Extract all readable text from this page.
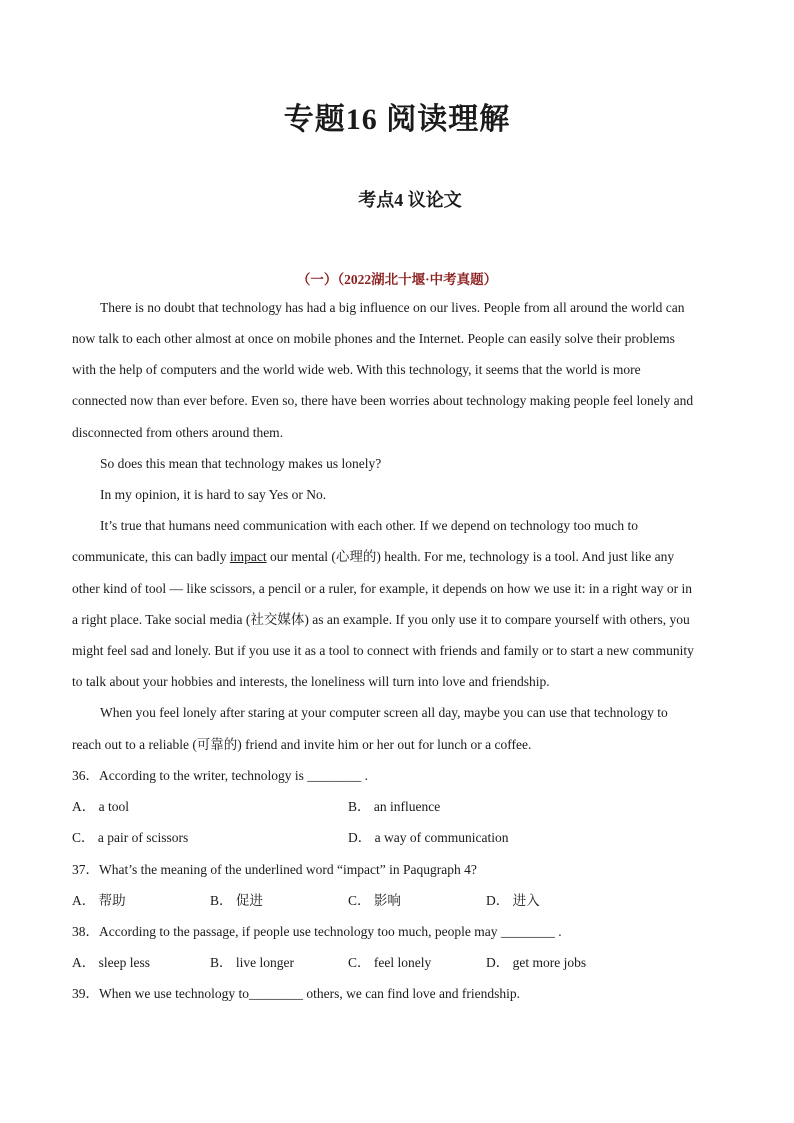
专题16 阅读理解
考点4 议论文
（一）（2022湖北十堰·中考真题）
There is no doubt that technology has had a big influence on our lives. People from all around the world can
now talk to each other almost at once on mobile phones and the Internet. People can easily solve their problems
with the help of computers and the world wide web. With this technology, it seems that the world is more
connected now than ever before. Even so, there have been worries about technology making people feel lonely and
disconnected from others around them.
So does this mean that technology makes us lonely?
In my opinion, it is hard to say Yes or No.
It’s true that humans need communication with each other. If we depend on technology too much to
communicate, this can badly impact our mental (心理的) health. For me, technology is a tool. And just like any
other kind of tool — like scissors, a pencil or a ruler, for example, it depends on how we use it: in a right way or in
a right place. Take social media (社交媒体) as an example. If you only use it to compare yourself with others, you
might feel sad and lonely. But if you use it as a tool to connect with friends and family or to start a new community
to talk about your hobbies and interests, the loneliness will turn into love and friendship.
When you feel lonely after staring at your computer screen all day, maybe you can use that technology to
reach out to a reliable (可靠的) friend and invite him or her out for lunch or a coffee.
36．According to the writer, technology is ________ .
A． a tool	B． an influence
C． a pair of scissors	D． a way of communication
37．What’s the meaning of the underlined word “impact” in Paqugraph 4?
A． 帮助	B． 促进	C． 影响	D． 进入
38．According to the passage, if people use technology too much, people may ________ .
A． sleep less	B． live longer	C． feel lonely	D． get more jobs
39．When we use technology to________ others, we can find love and friendship.
